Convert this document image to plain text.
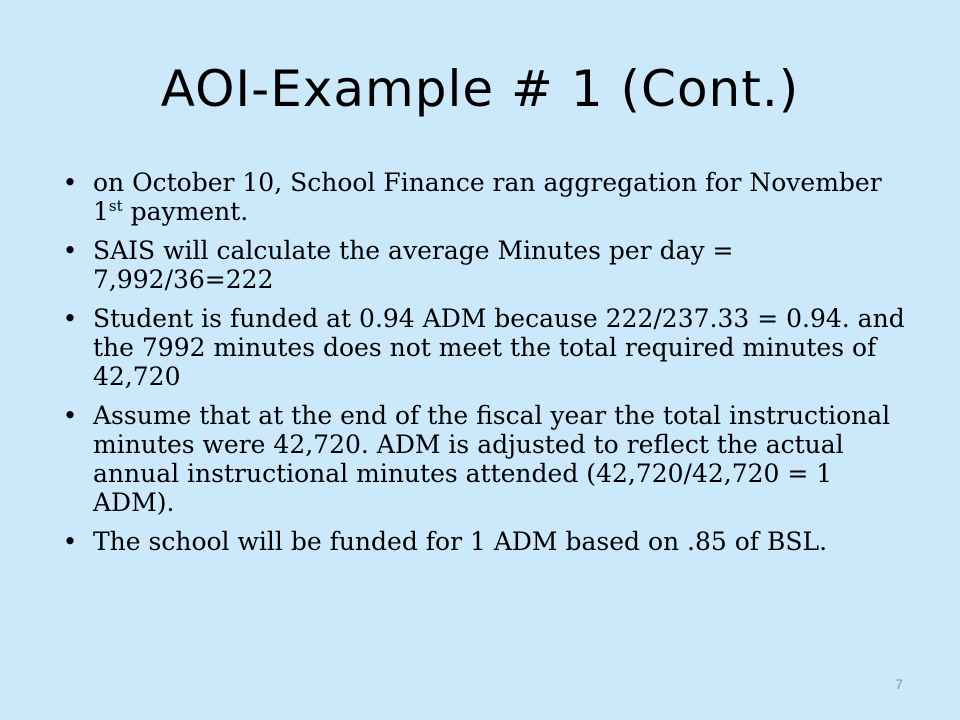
AOI-Example # 1 (Cont.)
• on October 10, School Finance ran aggregation for November 1st payment.
• SAIS will calculate the average Minutes per day = 7,992/36=222
• Student is funded at 0.94 ADM because 222/237.33 = 0.94. and the 7992 minutes does not meet the total required minutes of 42,720
• Assume that at the end of the fiscal year the total instructional minutes were 42,720. ADM is adjusted to reflect the actual annual instructional minutes attended (42,720/42,720 = 1 ADM).
• The school will be funded for 1 ADM based on .85 of BSL.
7
